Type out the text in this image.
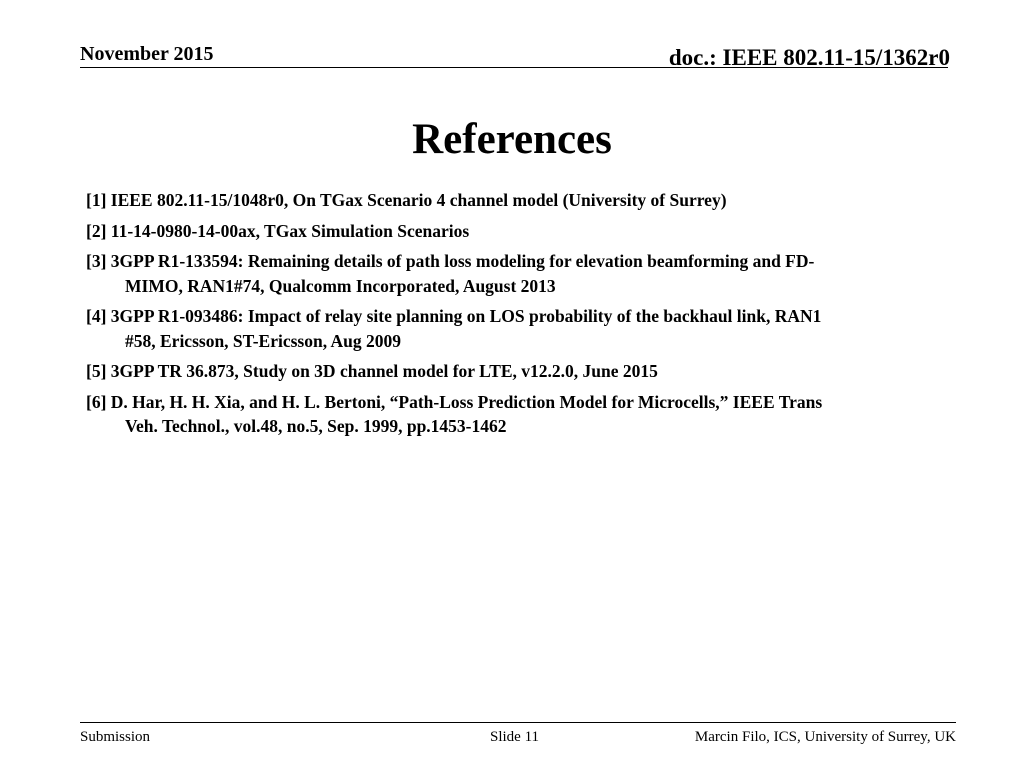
November 2015	doc.: IEEE 802.11-15/1362r0
References
[1] IEEE 802.11-15/1048r0, On TGax Scenario 4 channel model (University of Surrey)
[2] 11-14-0980-14-00ax, TGax Simulation Scenarios
[3] 3GPP R1-133594: Remaining details of path loss modeling for elevation beamforming and FD-
MIMO, RAN1#74, Qualcomm Incorporated, August 2013
[4] 3GPP R1-093486: Impact of relay site planning on LOS probability of the backhaul link, RAN1
#58, Ericsson, ST-Ericsson, Aug 2009
[5] 3GPP TR 36.873, Study on 3D channel model for LTE, v12.2.0, June 2015
[6] D. Har, H. H. Xia, and H. L. Bertoni, “Path-Loss Prediction Model for Microcells,” IEEE Trans
Veh. Technol., vol.48, no.5, Sep. 1999, pp.1453-1462
Submission	Slide 11	Marcin Filo, ICS, University of Surrey, UK
